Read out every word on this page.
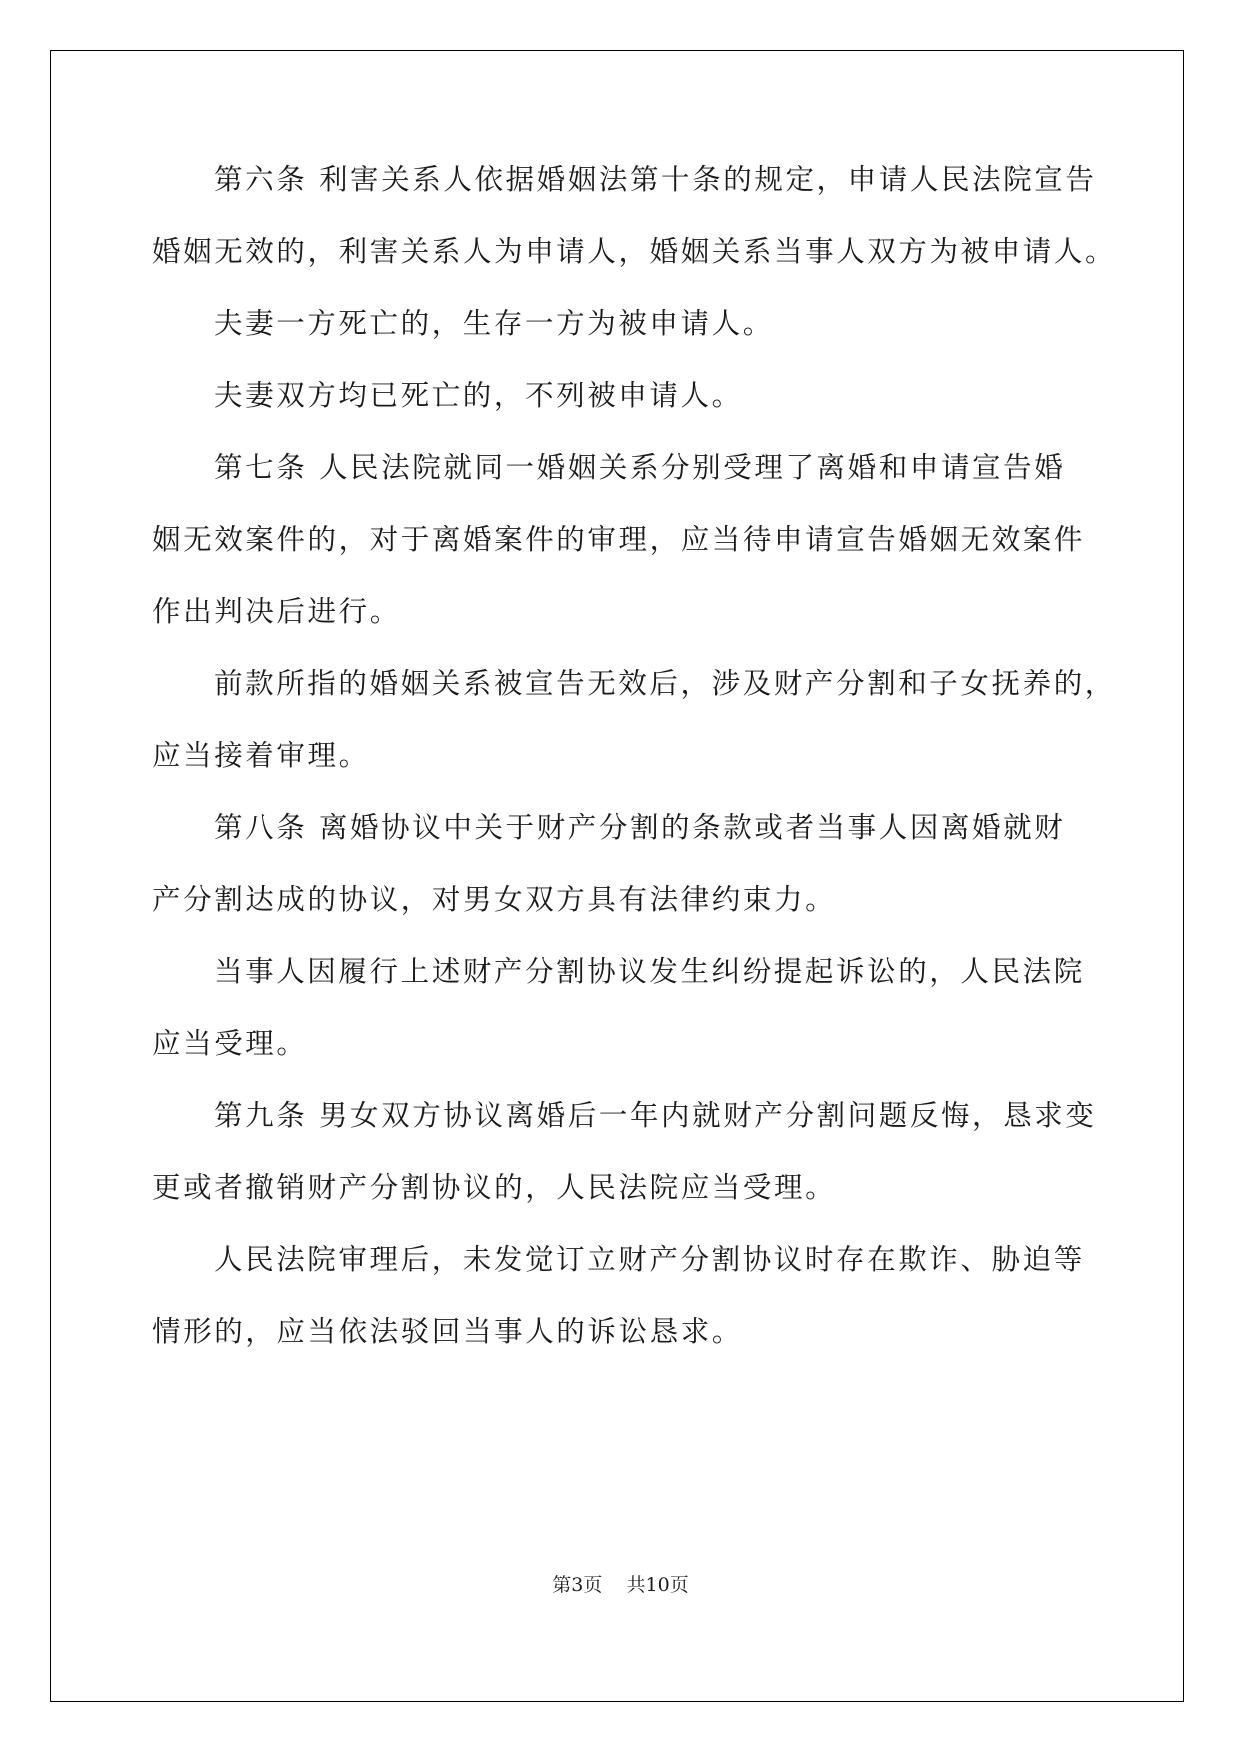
第六条 利害关系人依据婚姻法第十条的规定，申请人民法院宣告
婚姻无效的，利害关系人为申请人，婚姻关系当事人双方为被申请人。
夫妻一方死亡的，生存一方为被申请人。
夫妻双方均已死亡的，不列被申请人。
第七条 人民法院就同一婚姻关系分别受理了离婚和申请宣告婚
姻无效案件的，对于离婚案件的审理，应当待申请宣告婚姻无效案件
作出判决后进行。
前款所指的婚姻关系被宣告无效后，涉及财产分割和子女抚养的，
应当接着审理。
第八条 离婚协议中关于财产分割的条款或者当事人因离婚就财
产分割达成的协议，对男女双方具有法律约束力。
当事人因履行上述财产分割协议发生纠纷提起诉讼的，人民法院
应当受理。
第九条 男女双方协议离婚后一年内就财产分割问题反悔，恳求变
更或者撤销财产分割协议的，人民法院应当受理。
人民法院审理后，未发觉订立财产分割协议时存在欺诈、胁迫等
情形的，应当依法驳回当事人的诉讼恳求。
第3页 共10页
